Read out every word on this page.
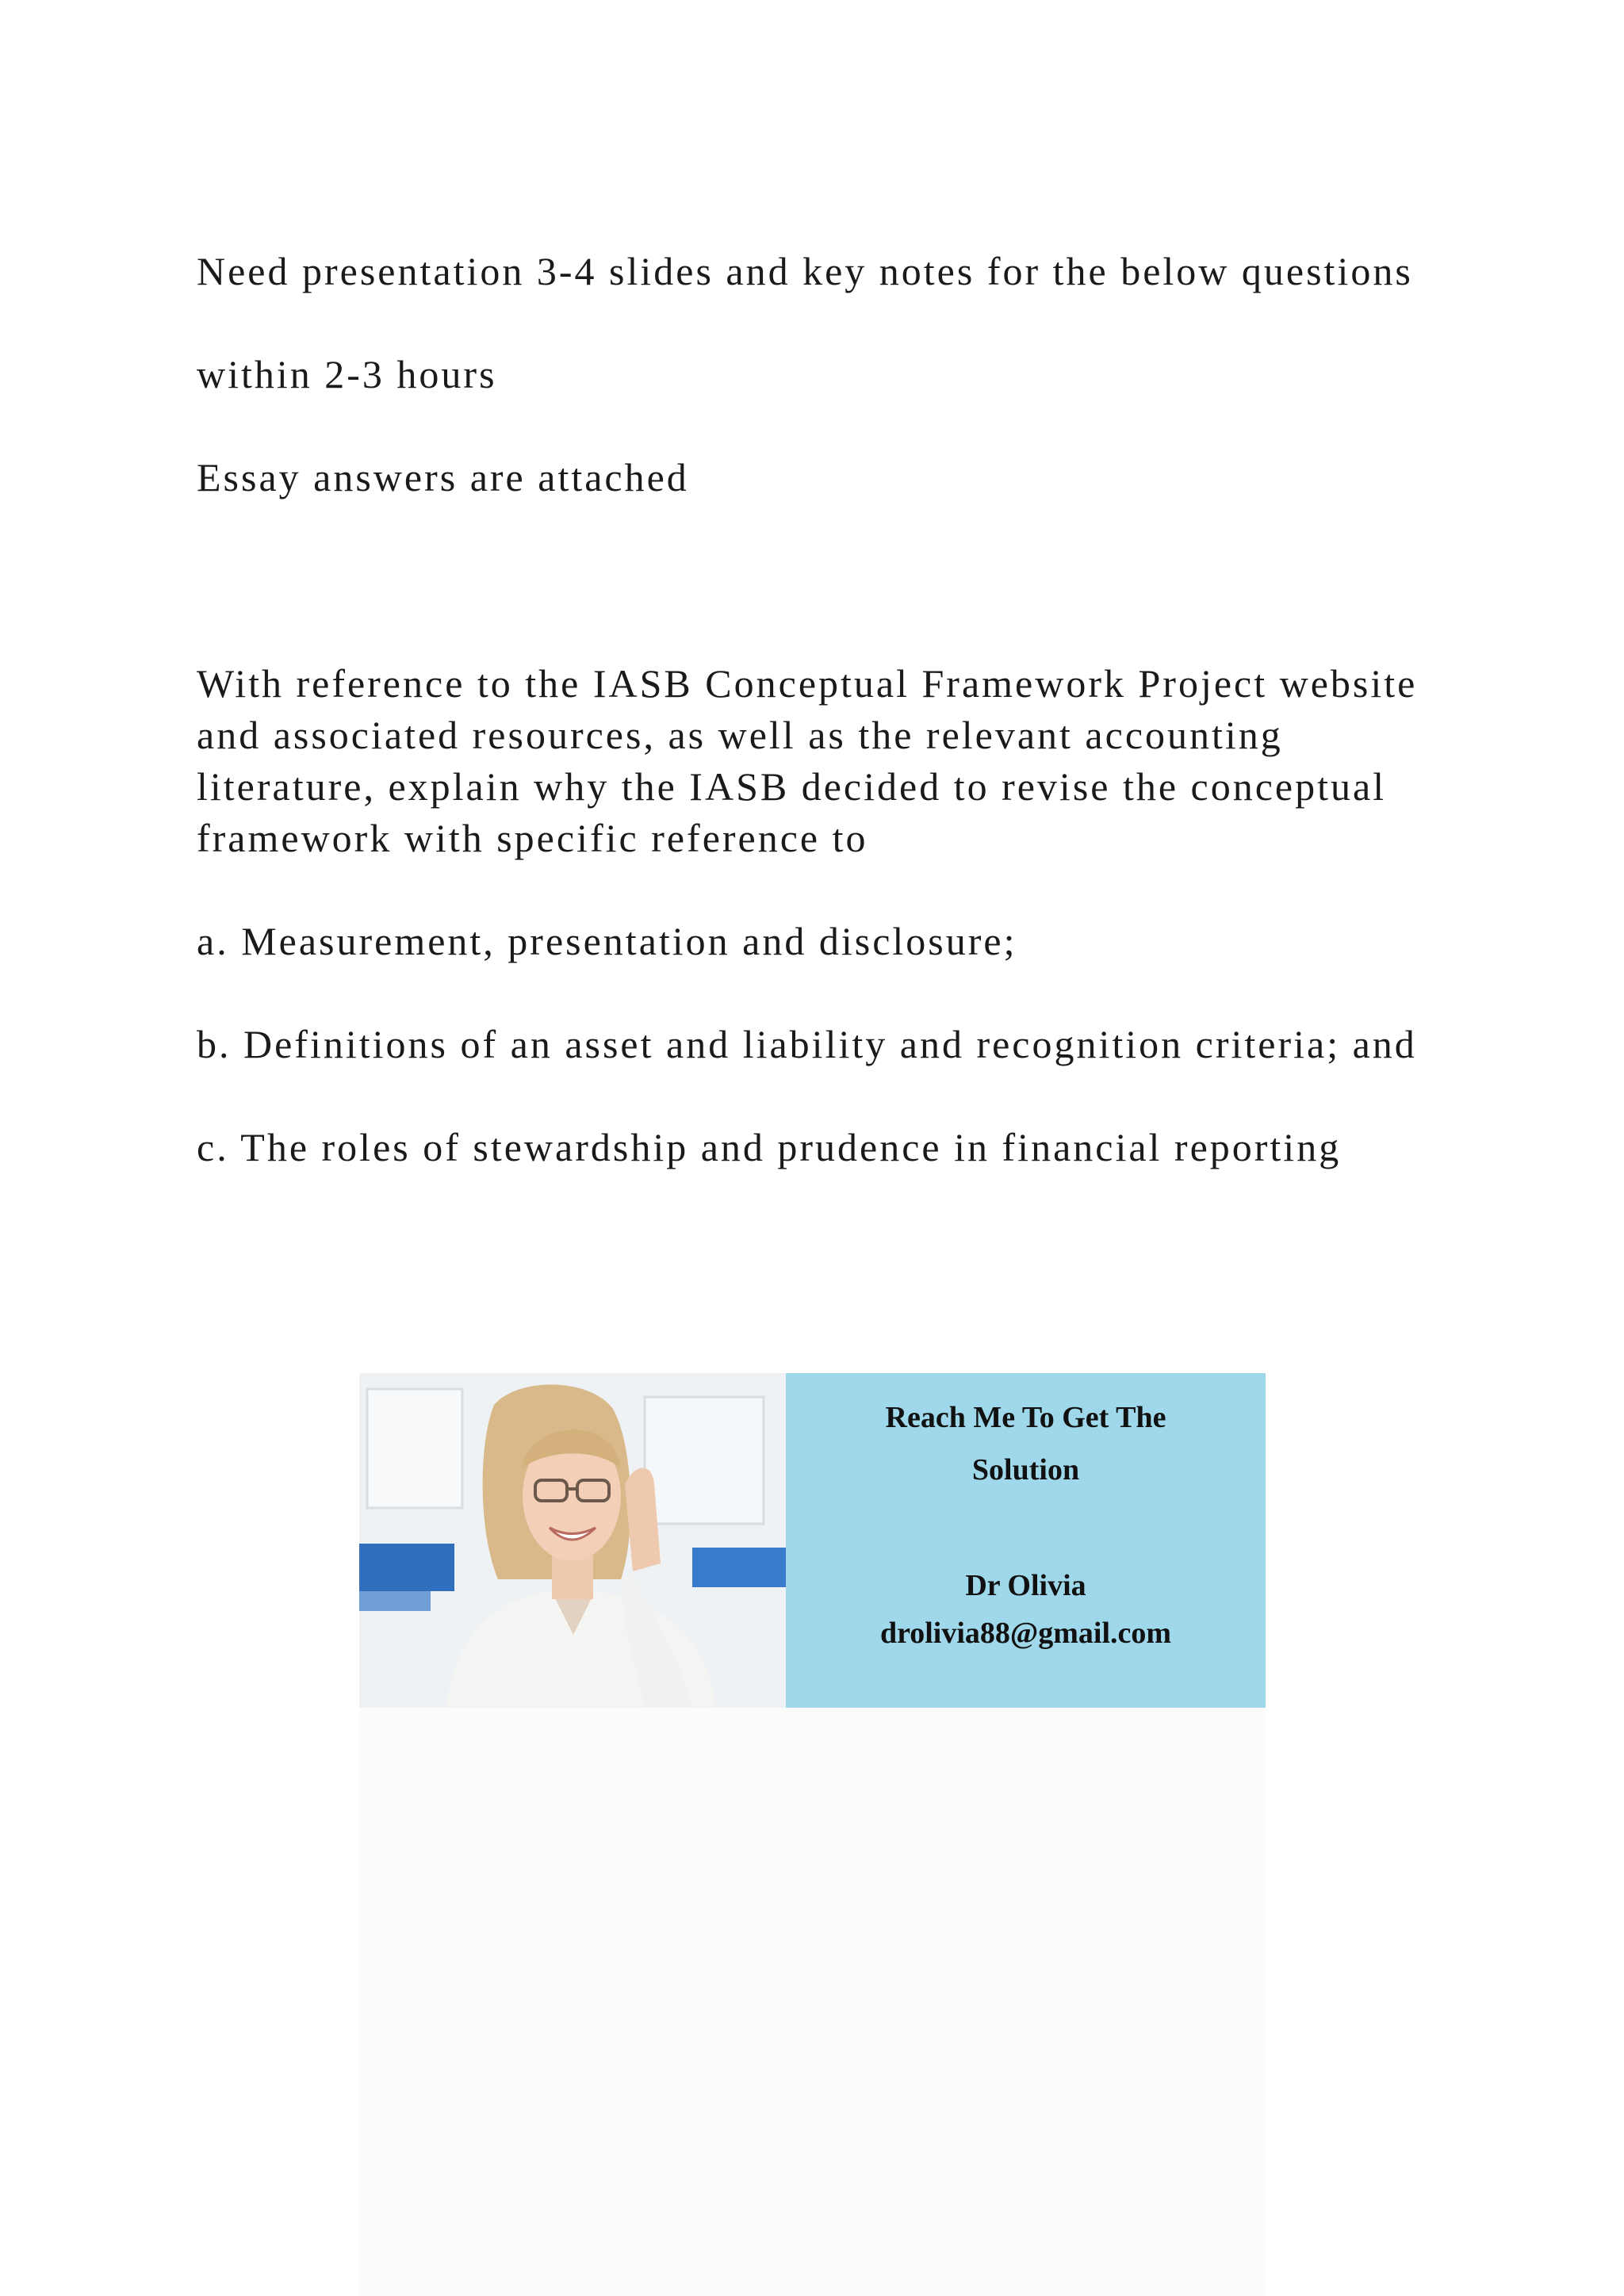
Need presentation 3-4 slides and key notes for the below questions

within 2-3 hours

Essay answers are attached

With reference to the IASB Conceptual Framework Project website and associated resources, as well as the relevant accounting literature, explain why the IASB decided to revise the conceptual framework with specific reference to

a. Measurement, presentation and disclosure;

b. Definitions of an asset and liability and recognition criteria; and

c. The roles of stewardship and prudence in financial reporting

Reach Me To Get The
Solution
Dr Olivia
drolivia88@gmail.com
